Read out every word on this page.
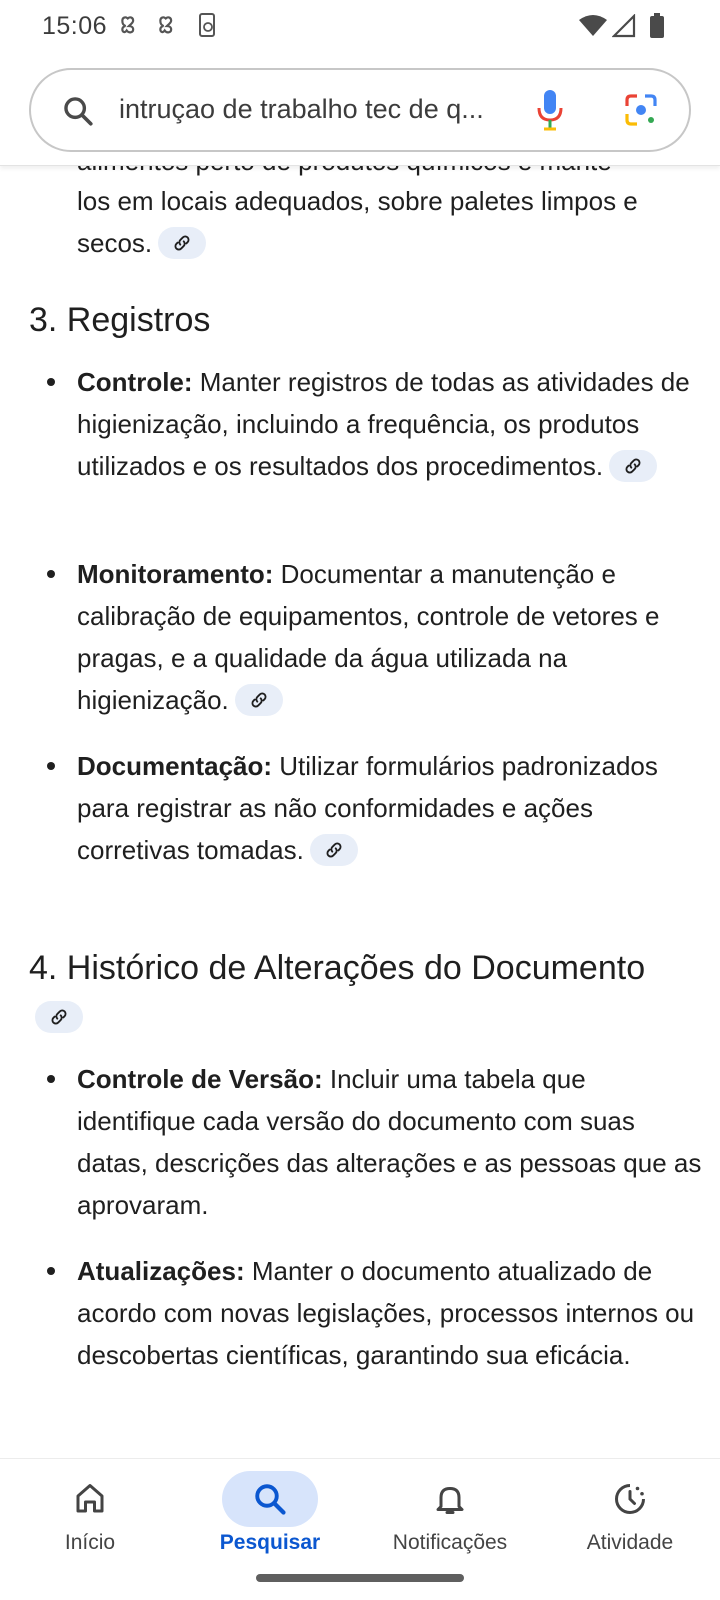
los em locais adequados, sobre paletes limpos e secos.
3. Registros
Controle: Manter registros de todas as atividades de higienização, incluindo a frequência, os produtos utilizados e os resultados dos procedimentos.
Monitoramento: Documentar a manutenção e calibração de equipamentos, controle de vetores e pragas, e a qualidade da água utilizada na higienização.
Documentação: Utilizar formulários padronizados para registrar as não conformidades e ações corretivas tomadas.
4. Histórico de Alterações do Documento
Controle de Versão: Incluir uma tabela que identifique cada versão do documento com suas datas, descrições das alterações e as pessoas que as aprovaram.
Atualizações: Manter o documento atualizado de acordo com novas legislações, processos internos ou descobertas científicas, garantindo sua eficácia.
15:06
intruçao de trabalho tec de q...
Início	Pesquisar	Notificações	Atividade
